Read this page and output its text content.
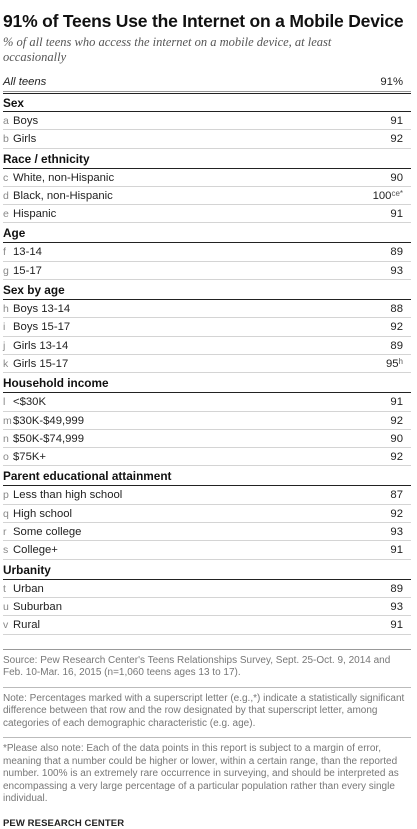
91% of Teens Use the Internet on a Mobile Device
% of all teens who access the internet on a mobile device, at least occasionally
All teens	91%
Sex
a Boys	91
b Girls	92
Race / ethnicity
c White, non-Hispanic	90
d Black, non-Hispanic	$100^{ce*}$
e Hispanic	91
Age
f 13-14	89
g 15-17	93
Sex by age
h Boys 13-14	88
i Boys 15-17	92
j Girls 13-14	89
k Girls 15-17	95$^h$
Household income
l <$30K	91
m$30K-$49,999	92
n $50K-$74,999	90
o $75K+	92
Parent educational attainment
p Less than high school	87
q High school	92
r Some college	93
s College+	91
Urbanity
t Urban	89
u Suburban	93
v Rural	91

Source: Pew Research Center's Teens Relationships Survey, Sept. 25-Oct. 9, 2014 and Feb. 10-Mar. 16, 2015 (n=1,060 teens ages 13 to 17).

Note: Percentages marked with a superscript letter (e.g.,*) indicate a statistically significant difference between that row and the row designated by that superscript letter, among categories of each demographic characteristic (e.g. age).

*Please also note: Each of the data points in this report is subject to a margin of error, meaning that a number could be higher or lower, within a certain range, than the reported number. 100% is an extremely rare occurrence in surveying, and should be interpreted as encompassing a very large percentage of a particular population rather than every single individual.

PEW RESEARCH CENTER
